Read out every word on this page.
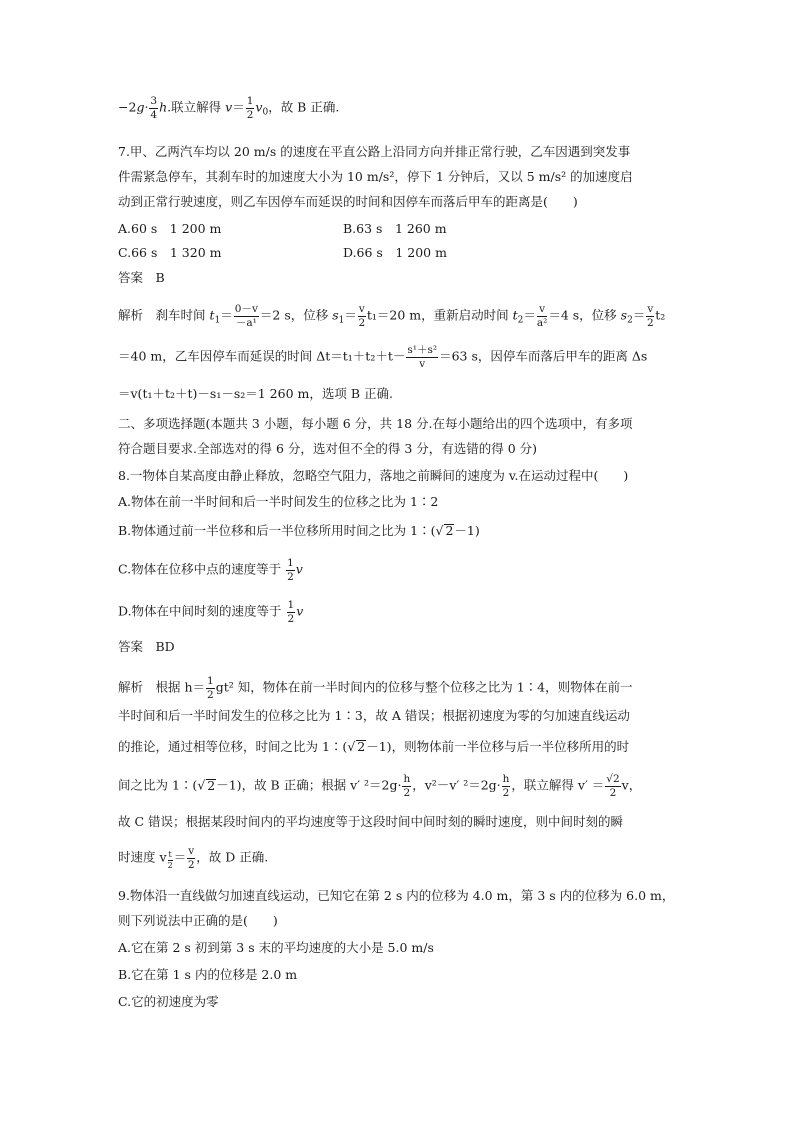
$-2g\cdot \frac{3}{4} h$.联立解得 $v= \frac{1}{2} v_0$，故 B 正确.
7.甲、乙两汽车均以 20 m/s 的速度在平直公路上沿同方向并排正常行驶，乙车因遇到突发事
件需紧急停车，其刹车时的加速度大小为 10 m/s²，停下 1 分钟后，又以 5 m/s² 的加速度启
动到正常行驶速度，则乙车因停车而延误的时间和因停车而落后甲车的距离是(　　)
A.60 s　1 200 m	B.63 s　1 260 m
C.66 s　1 320 m	D.66 s　1 200 m
答案　B
解析　刹车时间 $t_1= \frac{0-v}{\text{－a¹}} =2$ s，位移 $s_1= \frac{v}{2} t_1=20$ m，重新启动时间 $t_2= \frac{v}{\text{a²}} =4$ s，位移 $s_2= \frac{v}{2} t_2$
＝40 m，乙车因停车而延误的时间 $\Delta t=t_1+t_2+t- \frac{\text{s¹＋s²}}{v} =63$ s，因停车而落后甲车的距离 Δs
＝v(t₁＋t₂＋t)－s₁－s₂＝1 260 m，选项 B 正确.
二、多项选择题(本题共 3 小题，每小题 6 分，共 18 分.在每小题给出的四个选项中，有多项
符合题目要求.全部选对的得 6 分，选对但不全的得 3 分，有选错的得 0 分)
8.一物体自某高度由静止释放，忽略空气阻力，落地之前瞬间的速度为 v.在运动过程中(　　)
A.物体在前一半时间和后一半时间发生的位移之比为 1∶2
B.物体通过前一半位移和后一半位移所用时间之比为 1∶(√ 2－1)
C.物体在位移中点的速度等于 $\frac{1}{2}$ v
D.物体在中间时刻的速度等于 $\frac{1}{2}$ v
答案　BD
解析　根据 $h= \frac{1}{2} gt^2$ 知，物体在前一半时间内的位移与整个位移之比为 1∶4，则物体在前一
半时间和后一半时间发生的位移之比为 1∶3，故 A 错误；根据初速度为零的匀加速直线运动
的推论，通过相等位移，时间之比为 1∶(√ 2－1)，则物体前一半位移与后一半位移所用的时
间之比为 1∶(√ 2－1)，故 B 正确；根据 v′ $^2=2g\cdot \frac{h}{2}$ ，v²－v′ $^2=2g\cdot \frac{h}{2}$ ，联立解得 $v' = \frac{√2}{2}$ v，
故 C 错误；根据某段时间内的平均速度等于这段时间中间时刻的瞬时速度，则中间时刻的瞬
时速度 v $\frac{t}{2} = \frac{v}{2}$ ，故 D 正确.
9.物体沿一直线做匀加速直线运动，已知它在第 2 s 内的位移为 4.0 m，第 3 s 内的位移为 6.0 m，
则下列说法中正确的是(　　)
A.它在第 2 s 初到第 3 s 末的平均速度的大小是 5.0 m/s
B.它在第 1 s 内的位移是 2.0 m
C.它的初速度为零
